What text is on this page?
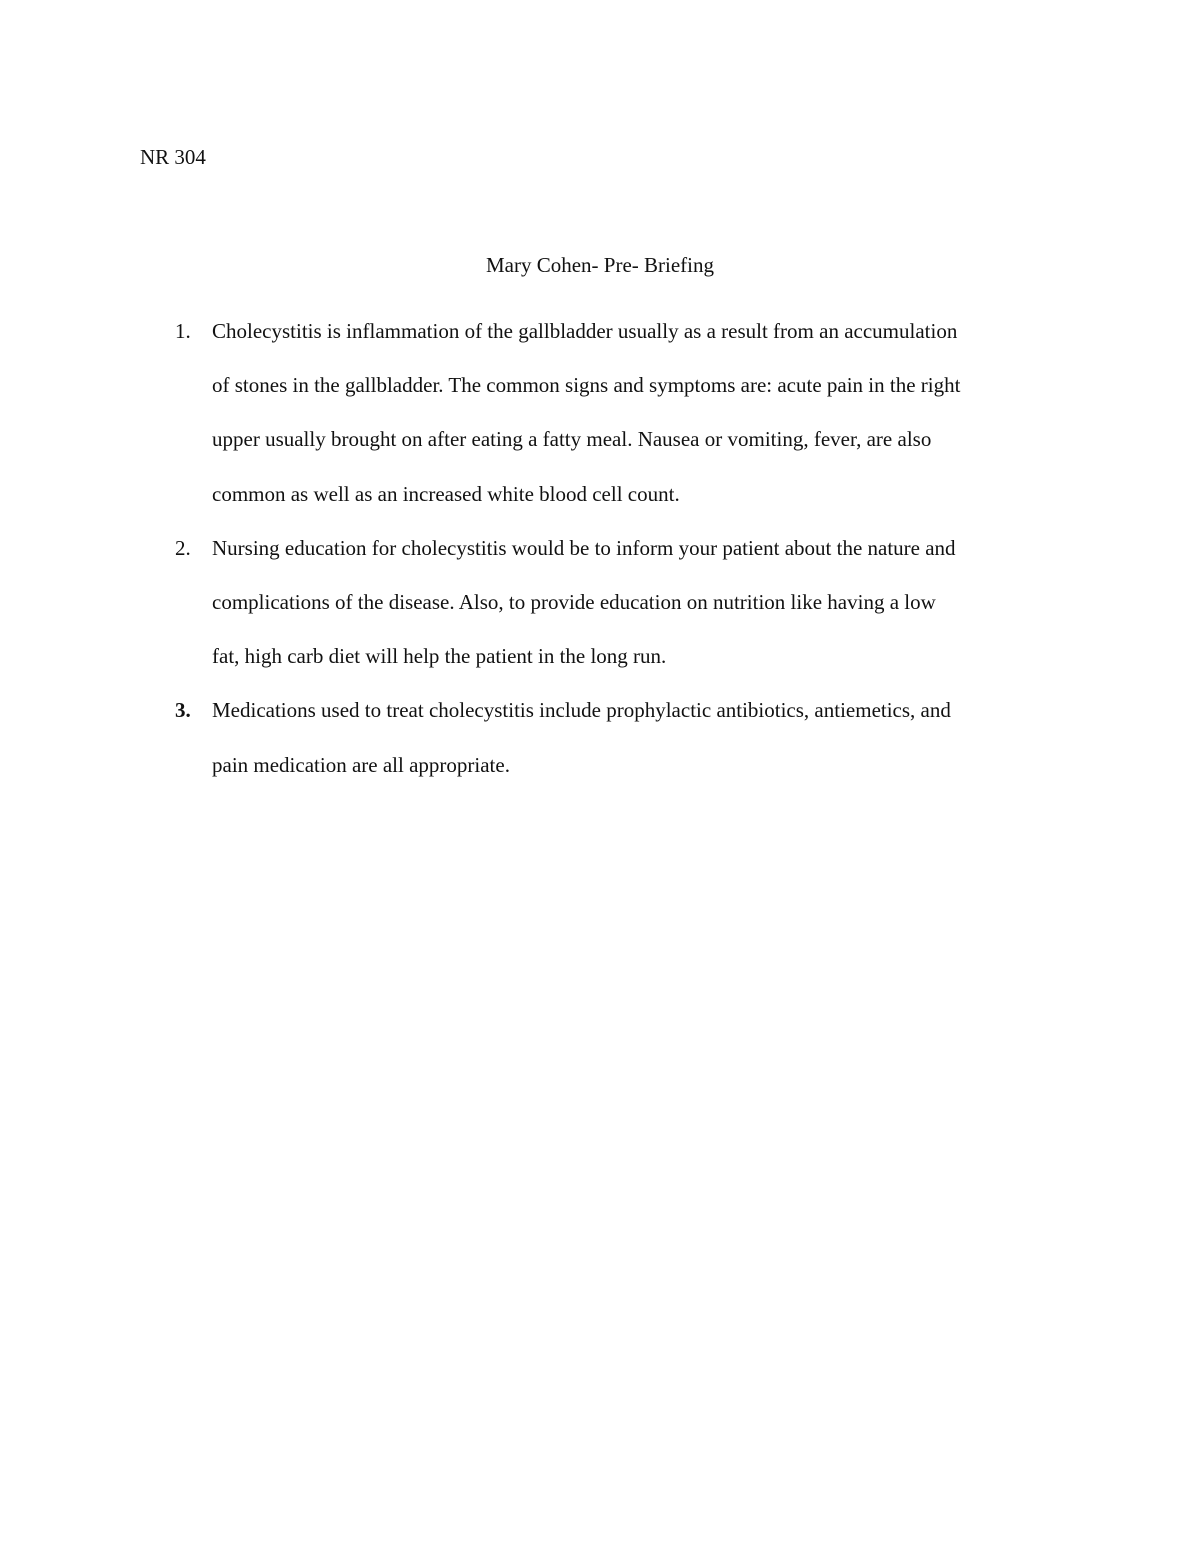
NR 304
Mary Cohen- Pre- Briefing
1.	Cholecystitis is inflammation of the gallbladder usually as a result from an accumulation
of stones in the gallbladder. The common signs and symptoms are: acute pain in the right
upper usually brought on after eating a fatty meal. Nausea or vomiting, fever, are also
common as well as an increased white blood cell count.
2.	Nursing education for cholecystitis would be to inform your patient about the nature and
complications of the disease. Also, to provide education on nutrition like having a low
fat, high carb diet will help the patient in the long run.
3.	Medications used to treat cholecystitis include prophylactic antibiotics, antiemetics, and
pain medication are all appropriate.
